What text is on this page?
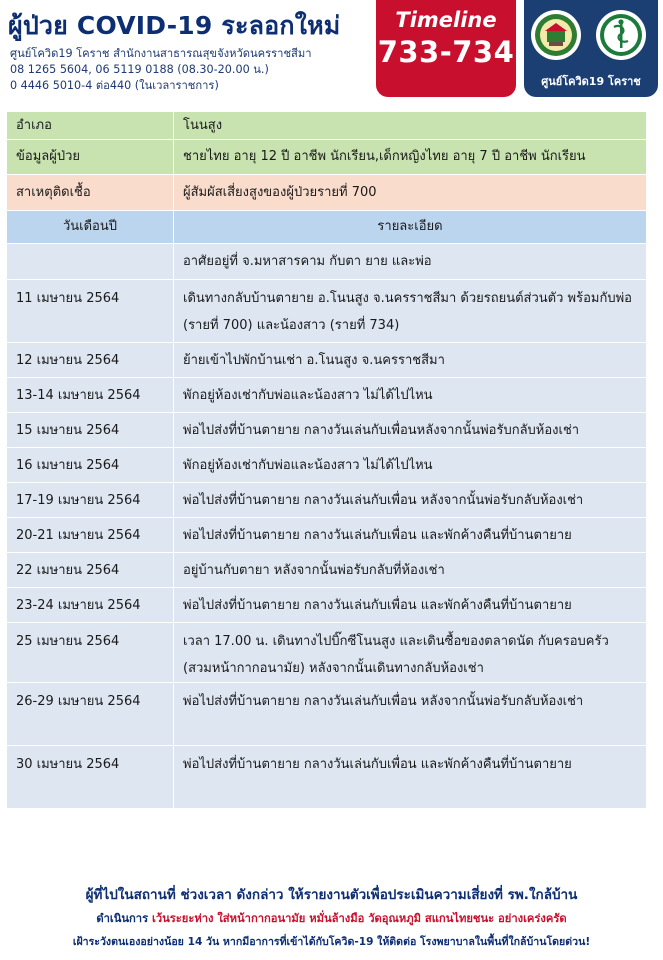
ผู้ป่วย COVID-19 ระลอกใหม่
ศูนย์โควิด19 โคราช สำนักงานสาธารณสุขจังหวัดนครราชสีมา
08 1265 5604, 06 5119 0188 (08.30-20.00 น.)
0 4446 5010-4 ต่อ440 (ในเวลาราชการ)
Timeline
733-734
ศูนย์โควิด19 โคราช
อำเภอ	โนนสูง
ข้อมูลผู้ป่วย	ชายไทย อายุ 12 ปี อาชีพ นักเรียน,เด็กหญิงไทย อายุ 7 ปี อาชีพ นักเรียน
สาเหตุติดเชื้อ	ผู้สัมผัสเสี่ยงสูงของผู้ป่วยรายที่ 700
วันเดือนปี	รายละเอียด
	อาศัยอยู่ที่ จ.มหาสารคาม กับตา ยาย และพ่อ
11 เมษายน 2564	เดินทางกลับบ้านตายาย อ.โนนสูง จ.นครราชสีมา ด้วยรถยนต์ส่วนตัว พร้อมกับพ่อ (รายที่ 700) และน้องสาว (รายที่ 734)
12 เมษายน 2564	ย้ายเข้าไปพักบ้านเช่า อ.โนนสูง จ.นครราชสีมา
13-14 เมษายน 2564	พักอยู่ห้องเช่ากับพ่อและน้องสาว ไม่ได้ไปไหน
15 เมษายน 2564	พ่อไปส่งที่บ้านตายาย กลางวันเล่นกับเพื่อนหลังจากนั้นพ่อรับกลับห้องเช่า
16 เมษายน 2564	พักอยู่ห้องเช่ากับพ่อและน้องสาว ไม่ได้ไปไหน
17-19 เมษายน 2564	พ่อไปส่งที่บ้านตายาย กลางวันเล่นกับเพื่อน หลังจากนั้นพ่อรับกลับห้องเช่า
20-21 เมษายน 2564	พ่อไปส่งที่บ้านตายาย กลางวันเล่นกับเพื่อน และพักค้างคืนที่บ้านตายาย
22 เมษายน 2564	อยู่บ้านกับตายา หลังจากนั้นพ่อรับกลับที่ห้องเช่า
23-24 เมษายน 2564	พ่อไปส่งที่บ้านตายาย กลางวันเล่นกับเพื่อน และพักค้างคืนที่บ้านตายาย
25 เมษายน 2564	เวลา 17.00 น. เดินทางไปบิ๊กซีโนนสูง และเดินซื้อของตลาดนัด กับครอบครัว (สวมหน้ากากอนามัย) หลังจากนั้นเดินทางกลับห้องเช่า
26-29 เมษายน 2564	พ่อไปส่งที่บ้านตายาย กลางวันเล่นกับเพื่อน หลังจากนั้นพ่อรับกลับห้องเช่า
30 เมษายน 2564	พ่อไปส่งที่บ้านตายาย กลางวันเล่นกับเพื่อน และพักค้างคืนที่บ้านตายาย
ผู้ที่ไปในสถานที่ ช่วงเวลา ดังกล่าว ให้รายงานตัวเพื่อประเมินความเสี่ยงที่ รพ.ใกล้บ้าน
ดำเนินการ เว้นระยะห่าง ใส่หน้ากากอนามัย หมั่นล้างมือ วัดอุณหภูมิ สแกนไทยชนะ อย่างเคร่งครัด
เฝ้าระวังตนเองอย่างน้อย 14 วัน หากมีอาการที่เข้าได้กับโควิด-19 ให้ติดต่อ โรงพยาบาลในพื้นที่ใกล้บ้านโดยด่วน!
